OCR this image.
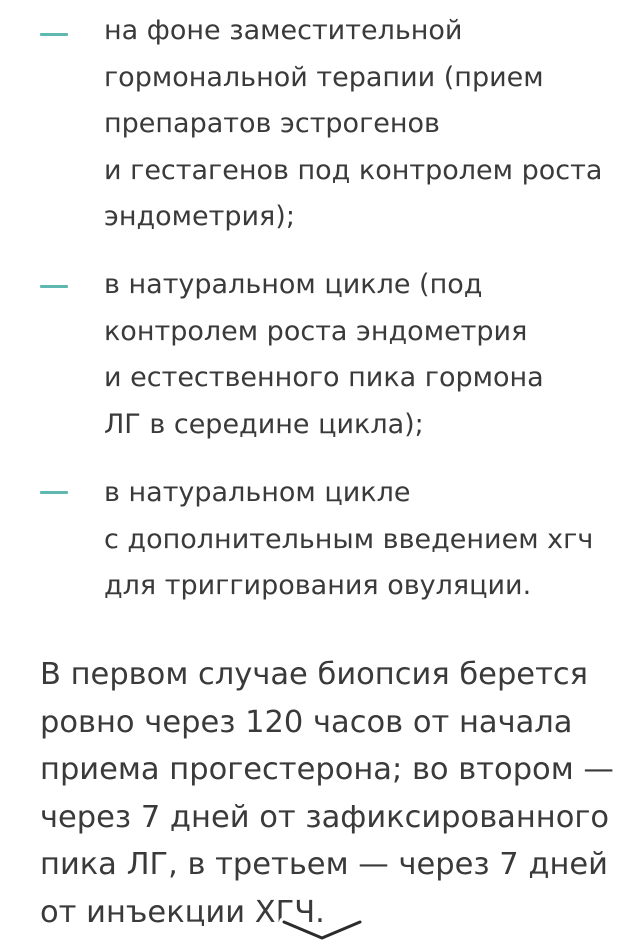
на фоне заместительной
гормональной терапии (прием
препаратов эстрогенов
и гестагенов под контролем роста
эндометрия);
в натуральном цикле (под
контролем роста эндометрия
и естественного пика гормона
ЛГ в середине цикла);
в натуральном цикле
с дополнительным введением хгч
для триггирования овуляции.
В первом случае биопсия берется
ровно через 120 часов от начала
приема прогестерона; во втором —
через 7 дней от зафиксированного
пика ЛГ, в третьем — через 7 дней
от инъекции ХГЧ.
